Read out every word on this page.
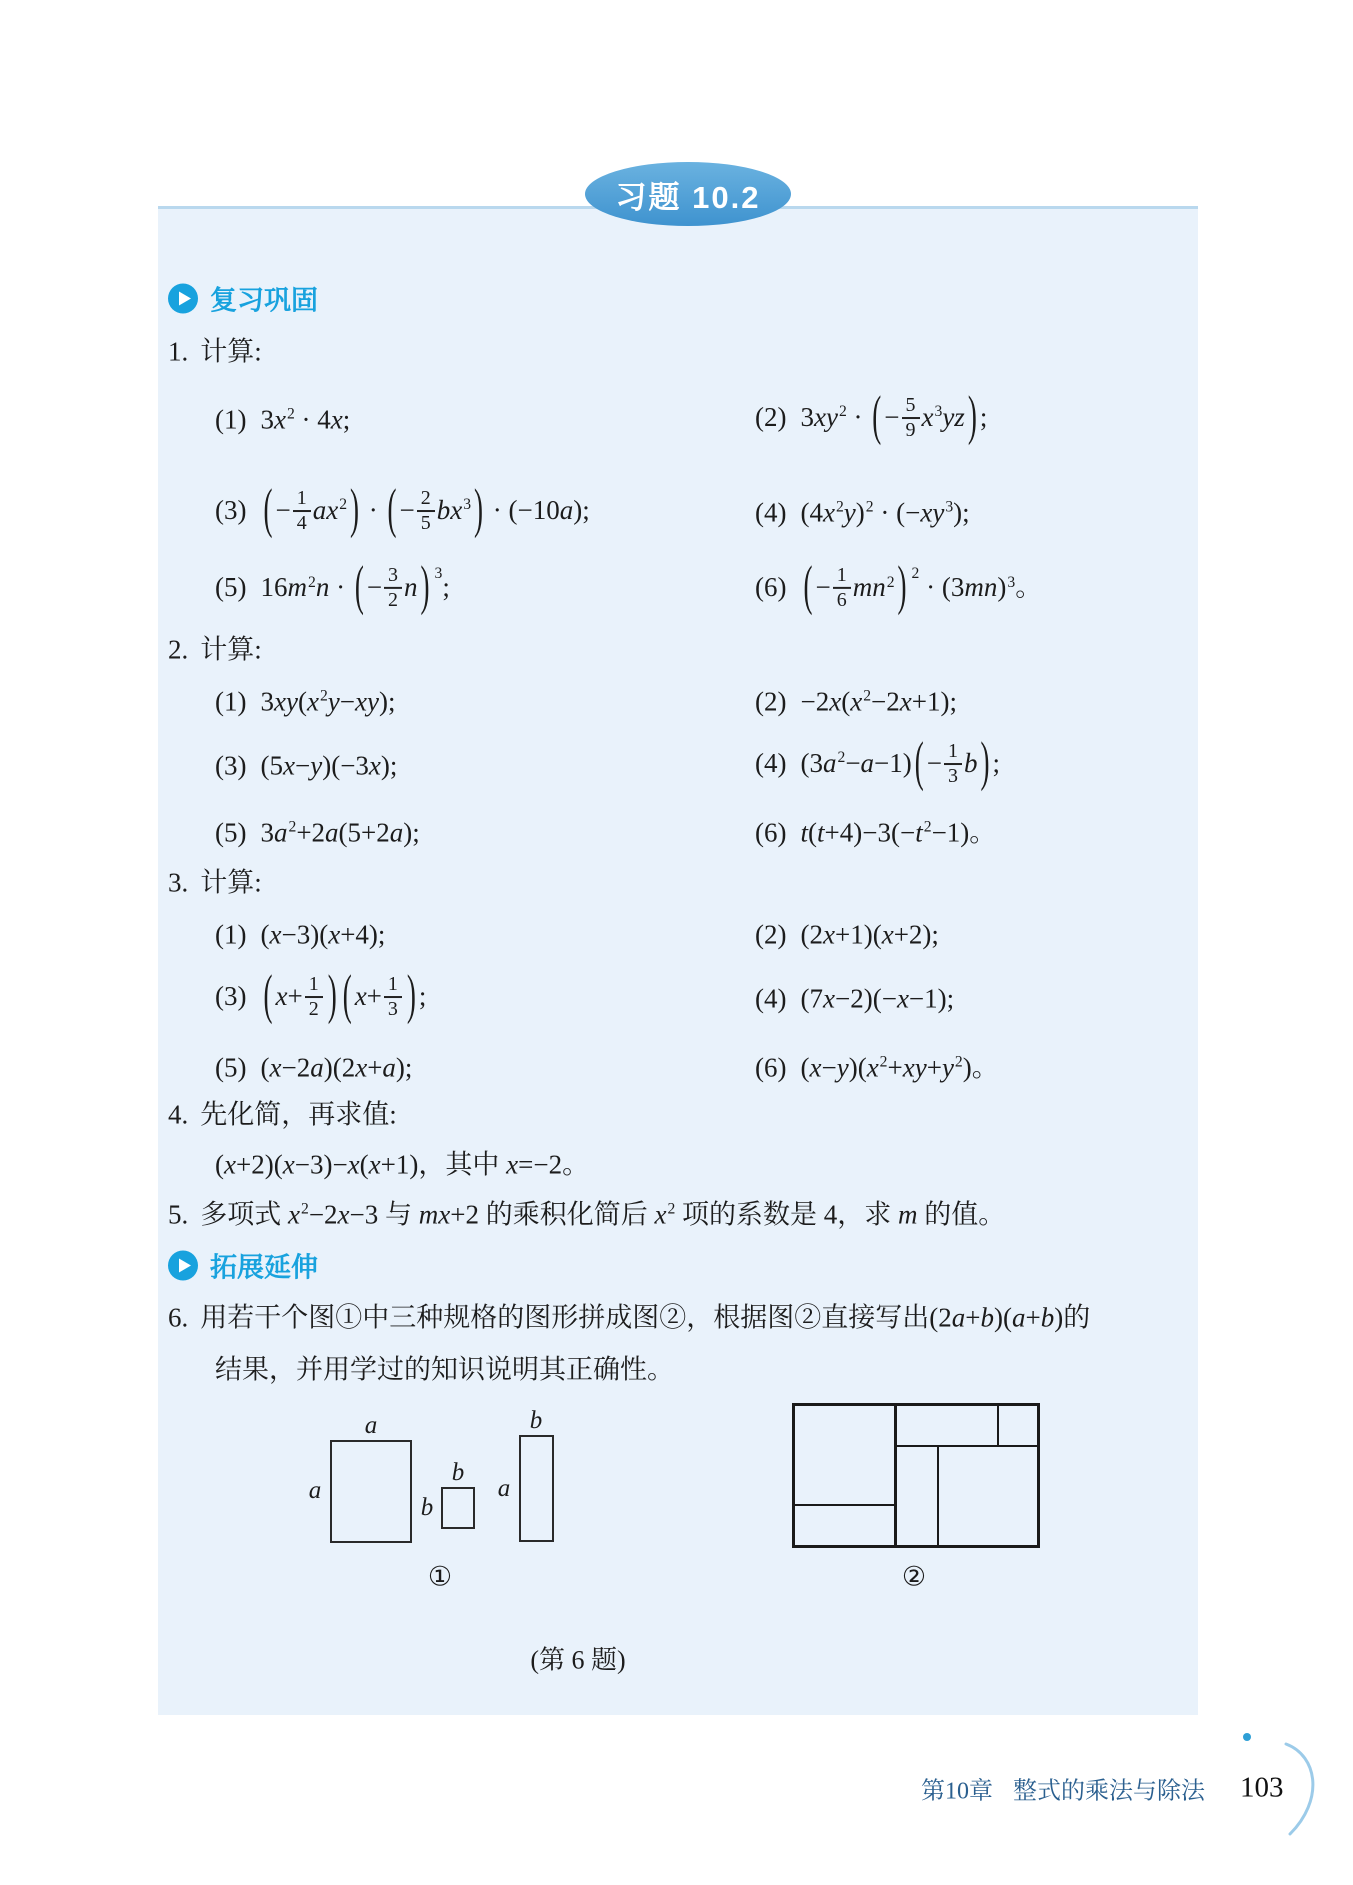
习题 10.2
复习巩固
1. 计算:
(1) $3x^2 \cdot 4x$;	(2) $3xy^2$ · ( − $\frac{5}{9} x^3yz$ ) ;
(3) ( − $\frac{1}{4} ax^2$ ) · ( − $\frac{2}{5} bx^3$ ) · (−10a);	(4) $(4x^2y)^2 \cdot (-xy^3)$;
(5) $16m^2n$ · ( − $\frac{3}{2}$ n ) $^3$;	(6) ( − $\frac{1}{6} mn^2$ ) $^2 \cdot (3mn)^3$。
2. 计算:
(1) $3xy(x^2y-xy)$;	$(2) -2x(x^2-2x+1)$;
(3) (5x−y)(−3x);	(4) $(3a^2-a-1)$ ( − $\frac{1}{3}$ b ) ;
(5) $3a^2+2a(5+2a)$;	(6) $t(t+4)-3(-t^2-1)$。
3. 计算:
(1) (x−3)(x+4);	(2) (2x+1)(x+2);
(3) ( $x+ \frac{1}{2}$ ) ( $x+ \frac{1}{3}$ ) ;	(4) (7x−2)(−x−1);
(5) (x−2a)(2x+a);	(6) $(x-y)(x^2+xy+y^2)$。
4. 先化简，再求值:
(x+2)(x−3)−x(x+1)，其中 x=−2。
5. 多项式 $x^2-2x-3$ 与 mx+2 的乘积化简后 $x^2$ 项的系数是 4，求 m 的值。
拓展延伸
6. 用若干个图①中三种规格的图形拼成图②，根据图②直接写出(2a+b)(a+b)的
结果，并用学过的知识说明其正确性。
a
a
b
b
b
a
①	②
(第 6 题)
第10章 整式的乘法与除法 103
